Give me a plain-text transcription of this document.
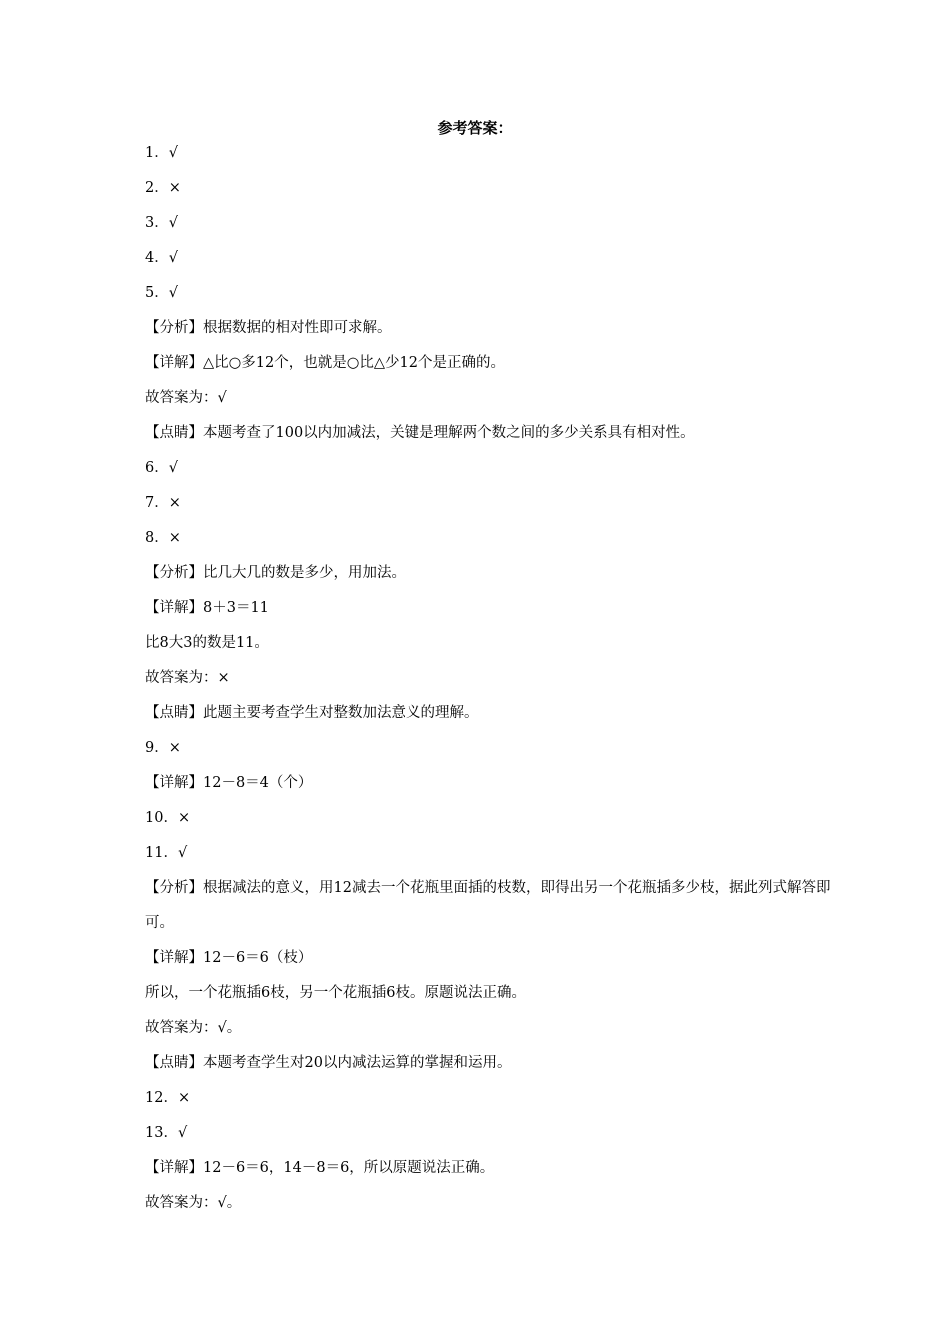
参考答案：
1．√
2．×
3．√
4．√
5．√
【分析】根据数据的相对性即可求解。
【详解】△比○多12个，也就是○比△少12个是正确的。
故答案为：√
【点睛】本题考查了100以内加减法，关键是理解两个数之间的多少关系具有相对性。
6．√
7．×
8．×
【分析】比几大几的数是多少，用加法。
【详解】8＋3＝11
比8大3的数是11。
故答案为：×
【点睛】此题主要考查学生对整数加法意义的理解。
9．×
【详解】12－8＝4（个）
10．×
11．√
【分析】根据减法的意义，用12减去一个花瓶里面插的枝数，即得出另一个花瓶插多少枝，据此列式解答即可。
【详解】12－6＝6（枝）
所以，一个花瓶插6枝，另一个花瓶插6枝。原题说法正确。
故答案为：√。
【点睛】本题考查学生对20以内减法运算的掌握和运用。
12．×
13．√
【详解】12－6＝6，14－8＝6，所以原题说法正确。
故答案为：√。
